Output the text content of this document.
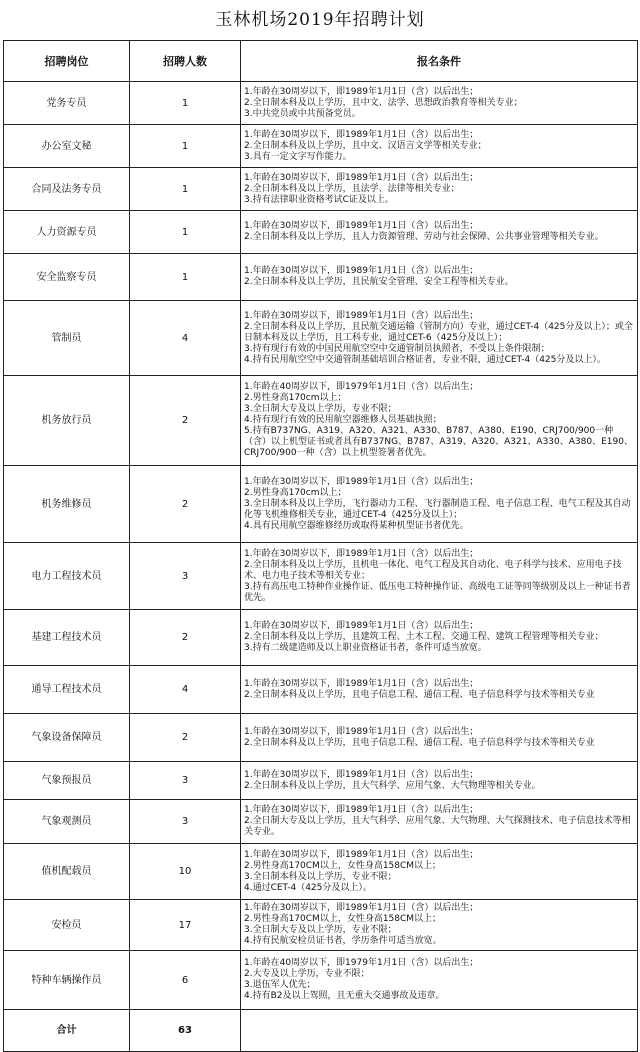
玉林机场2019年招聘计划
招聘岗位	招聘人数	报名条件
党务专员	1	1.年龄在30周岁以下，即1989年1月1日（含）以后出生；
2.全日制本科及以上学历，且中文、法学、思想政治教育等相关专业；
3.中共党员或中共预备党员。
办公室文秘	1	1.年龄在30周岁以下，即1989年1月1日（含）以后出生；
2.全日制本科及以上学历，且中文、汉语言文学等相关专业；
3.具有一定文字写作能力。
合同及法务专员	1	1.年龄在30周岁以下，即1989年1月1日（含）以后出生；
2.全日制本科及以上学历，且法学、法律等相关专业；
3.持有法律职业资格考试C证及以上。
人力资源专员	1	1.年龄在30周岁以下，即1989年1月1日（含）以后出生；
2.全日制本科及以上学历，且人力资源管理、劳动与社会保障、公共事业管理等相关专业。
安全监察专员	1	1.年龄在30周岁以下，即1989年1月1日（含）以后出生；
2.全日制本科及以上学历，且民航安全管理、安全工程等相关专业。
管制员	4	1.年龄在30周岁以下，即1989年1月1日（含）以后出生；
2.全日制本科及以上学历，且民航交通运输（管制方向）专业，通过CET-4（425分及以上）；或全日制本科及以上学历，且工科专业，通过CET-6（425分及以上）；
3.持有现行有效的中国民用航空空中交通管制员执照者，不受以上条件限制；
4.持有民用航空空中交通管制基础培训合格证者，专业不限，通过CET-4（425分及以上）。
机务放行员	2	1.年龄在40周岁以下，即1979年1月1日（含）以后出生；
2.男性身高170cm以上；
3.全日制大专及以上学历，专业不限；
4.持有现行有效的民用航空器维修人员基础执照；
5.持有B737NG、A319、A320、A321、A330、B787、A380、E190、CRJ700/900一种（含）以上机型证书或者具有B737NG、B787、A319、A320、A321、A330、A380、E190、CRJ700/900一种（含）以上机型签署者优先。
机务维修员	2	1.年龄在30周岁以下，即1989年1月1日（含）以后出生；
2.男性身高170cm以上；
3.全日制本科及以上学历，飞行器动力工程、飞行器制造工程、电子信息工程、电气工程及其自动化等飞机维修相关专业，通过CET-4（425分及以上）；
4.具有民用航空器维修经历或取得某种机型证书者优先。
电力工程技术员	3	1.年龄在30周岁以下，即1989年1月1日（含）以后出生；
2.全日制本科及以上学历，且机电一体化、电气工程及其自动化、电子科学与技术、应用电子技术、电力电子技术等相关专业；
3.持有高压电工特种作业操作证、低压电工特种操作证、高级电工证等同等级别及以上一种证书者优先。
基建工程技术员	2	1.年龄在30周岁以下，即1989年1月1日（含）以后出生；
2.全日制本科及以上学历，且建筑工程、土木工程、交通工程、建筑工程管理等相关专业；
3.持有二级建造师及以上职业资格证书者，条件可适当放宽。
通导工程技术员	4	1.年龄在30周岁以下，即1989年1月1日（含）以后出生；
2.全日制本科及以上学历，且电子信息工程、通信工程、电子信息科学与技术等相关专业
气象设备保障员	2	1.年龄在30周岁以下，即1989年1月1日（含）以后出生；
2.全日制本科及以上学历，且电子信息工程、通信工程、电子信息科学与技术等相关专业
气象预报员	3	1.年龄在30周岁以下，即1989年1月1日（含）以后出生；
2.全日制本科及以上学历，且大气科学、应用气象、大气物理等相关专业。
气象观测员	3	1.年龄在30周岁以下，即1989年1月1日（含）以后出生；
2.全日制大专及以上学历，且大气科学、应用气象、大气物理、大气探测技术、电子信息技术等相关专业。
值机配载员	10	1.年龄在30周岁以下，即1989年1月1日（含）以后出生；
2.男性身高170CM以上，女性身高158CM以上；
3.全日制本科及以上学历，专业不限；
4.通过CET-4（425分及以上）。
安检员	17	1.年龄在30周岁以下，即1989年1月1日（含）以后出生；
2.男性身高170CM以上，女性身高158CM以上；
3.全日制大专及以上学历，专业不限；
4.持有民航安检员证书者，学历条件可适当放宽。
特种车辆操作员	6	1.年龄在40周岁以下，即1979年1月1日（含）以后出生；
2.大专及以上学历，专业不限；
3.退伍军人优先；
4.持有B2及以上驾照，且无重大交通事故及违章。
合计	63	
